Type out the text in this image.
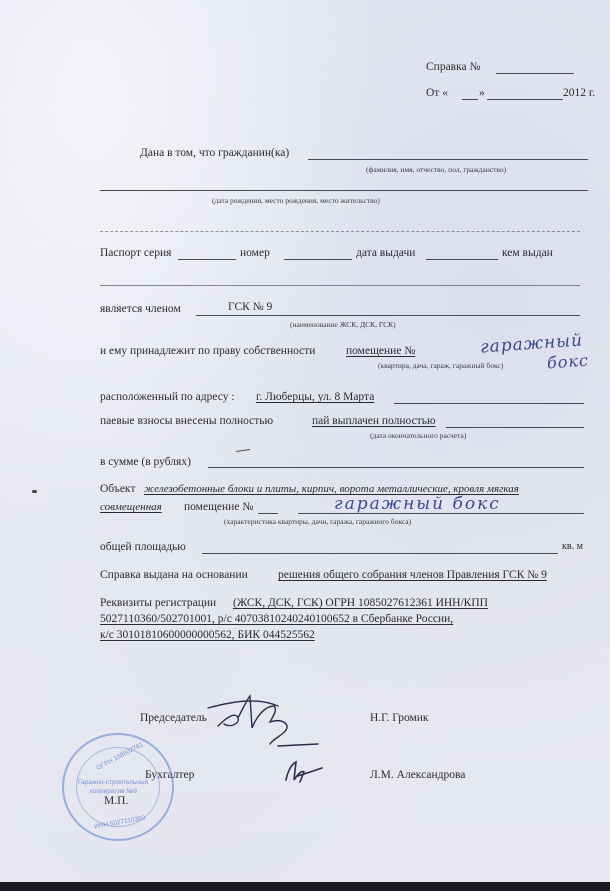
Справка №
От «	»	2012 г.
Дана в том, что гражданин(ка)
(фамилия, имя, отчество, пол, гражданство)
(дата рождения, место рождения, место жительство)
Паспорт серия	номер	дата выдачи	кем выдан
является членом	ГСК № 9
(наименование ЖСК, ДСК, ГСК)
и ему принадлежит по праву собственности	помещение №	гаражный
(квартира, дача, гараж, гаражный бокс)	бокс
расположенный по адресу : г. Люберцы, ул. 8 Марта
паевые взносы внесены полностью	пай выплачен полностью
(дата окончательного расчета)
в сумме (в рублях)
Объект железобетонные блоки и плиты, кирпич, ворота металлические, кровля мягкая
совмещенная помещение №	гаражный бокс
(характеристика квартиры, дачи, гаража, гаражного бокса)
общей площадью	кв. м
Справка выдана на основании	решения общего собрания членов Правления ГСК № 9
Реквизиты регистрации (ЖСК, ДСК, ГСК) ОГРН 1085027612361 ИНН/КПП
5027110360/502701001, р/с 40703810240240100652 в Сбербанке России,
к/с 30101810600000000562, БИК 044525562
Председатель	Н.Г. Громик
Бухгалтер	Л.М. Александрова
ОГРН 108502761
Гаражно-строительный
кооператив №9
ИНН 5027110360
М.П.
